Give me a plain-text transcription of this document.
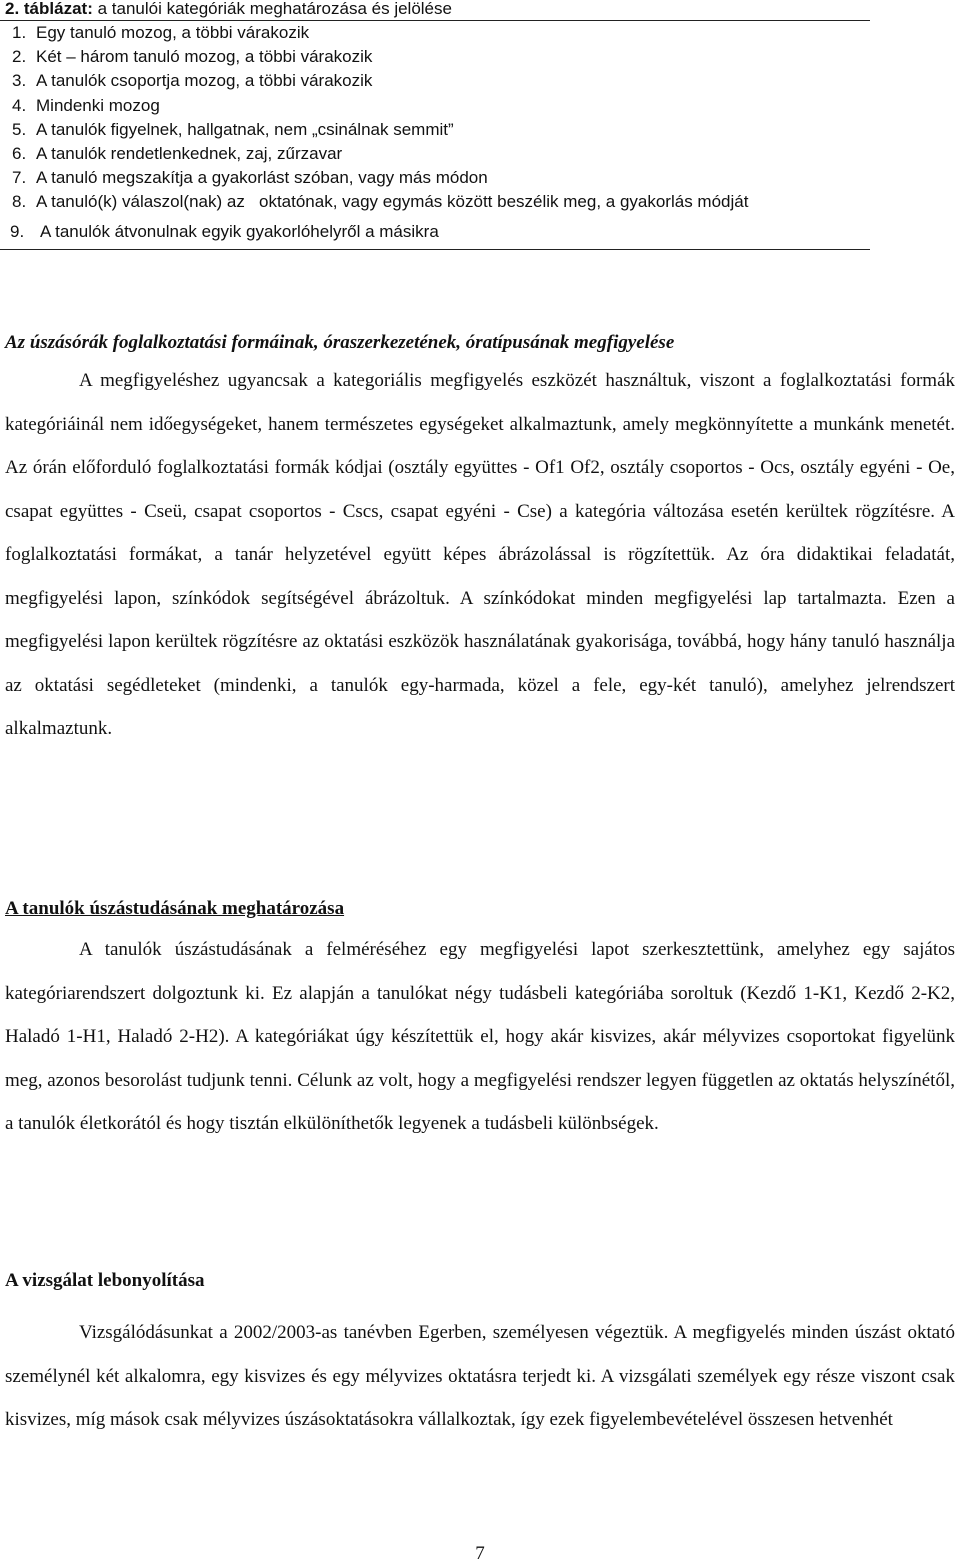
2. táblázat: a tanulói kategóriák meghatározása és jelölése
1. Egy tanuló mozog, a többi várakozik
2. Két – három tanuló mozog, a többi várakozik
3. A tanulók csoportja mozog, a többi várakozik
4. Mindenki mozog
5. A tanulók figyelnek, hallgatnak, nem „csinálnak semmit”
6. A tanulók rendetlenkednek, zaj, zűrzavar
7. A tanuló megszakítja a gyakorlást szóban, vagy más módon
8. A tanuló(k) válaszol(nak) az   oktatónak, vagy egymás között beszélik meg, a gyakorlás módját
9. A tanulók átvonulnak egyik gyakorlóhelyről a másikra
Az úszásórák foglalkoztatási formáinak, óraszerkezetének, óratípusának megfigyelése

A megfigyeléshez ugyancsak a kategoriális megfigyelés eszközét használtuk, viszont a foglalkoztatási formák kategóriáinál nem időegységeket, hanem természetes egységeket alkalmaztunk, amely megkönnyítette a munkánk menetét. Az órán előforduló foglalkoztatási formák kódjai (osztály együttes - Of1 Of2, osztály csoportos - Ocs, osztály egyéni - Oe, csapat együttes - Cseü, csapat csoportos - Cscs, csapat egyéni - Cse) a kategória változása esetén kerültek rögzítésre. A foglalkoztatási formákat, a tanár helyzetével együtt képes ábrázolással is rögzítettük. Az óra didaktikai feladatát, megfigyelési lapon, színkódok segítségével ábrázoltuk. A színkódokat minden megfigyelési lap tartalmazta. Ezen a megfigyelési lapon kerültek rögzítésre az oktatási eszközök használatának gyakorisága, továbbá, hogy hány tanuló használja az oktatási segédleteket (mindenki, a tanulók egy-harmada, közel a fele, egy-két tanuló), amelyhez jelrendszert alkalmaztunk.

A tanulók úszástudásának meghatározása

A tanulók úszástudásának a felméréséhez egy megfigyelési lapot szerkesztettünk, amelyhez egy sajátos kategóriarendszert dolgoztunk ki. Ez alapján a tanulókat négy tudásbeli kategóriába soroltuk (Kezdő 1-K1, Kezdő 2-K2, Haladó 1-H1, Haladó 2-H2). A kategóriákat úgy készítettük el, hogy akár kisvizes, akár mélyvizes csoportokat figyelünk meg, azonos besorolást tudjunk tenni. Célunk az volt, hogy a megfigyelési rendszer legyen független az oktatás helyszínétől, a tanulók életkorától és hogy tisztán elkülöníthetők legyenek a tudásbeli különbségek.

A vizsgálat lebonyolítása

Vizsgálódásunkat a 2002/2003-as tanévben Egerben, személyesen végeztük. A megfigyelés minden úszást oktató személynél két alkalomra, egy kisvizes és egy mélyvizes oktatásra terjedt ki. A vizsgálati személyek egy része viszont csak kisvizes, míg mások csak mélyvizes úszásoktatásokra vállalkoztak, így ezek figyelembevételével összesen hetvenhét

7
